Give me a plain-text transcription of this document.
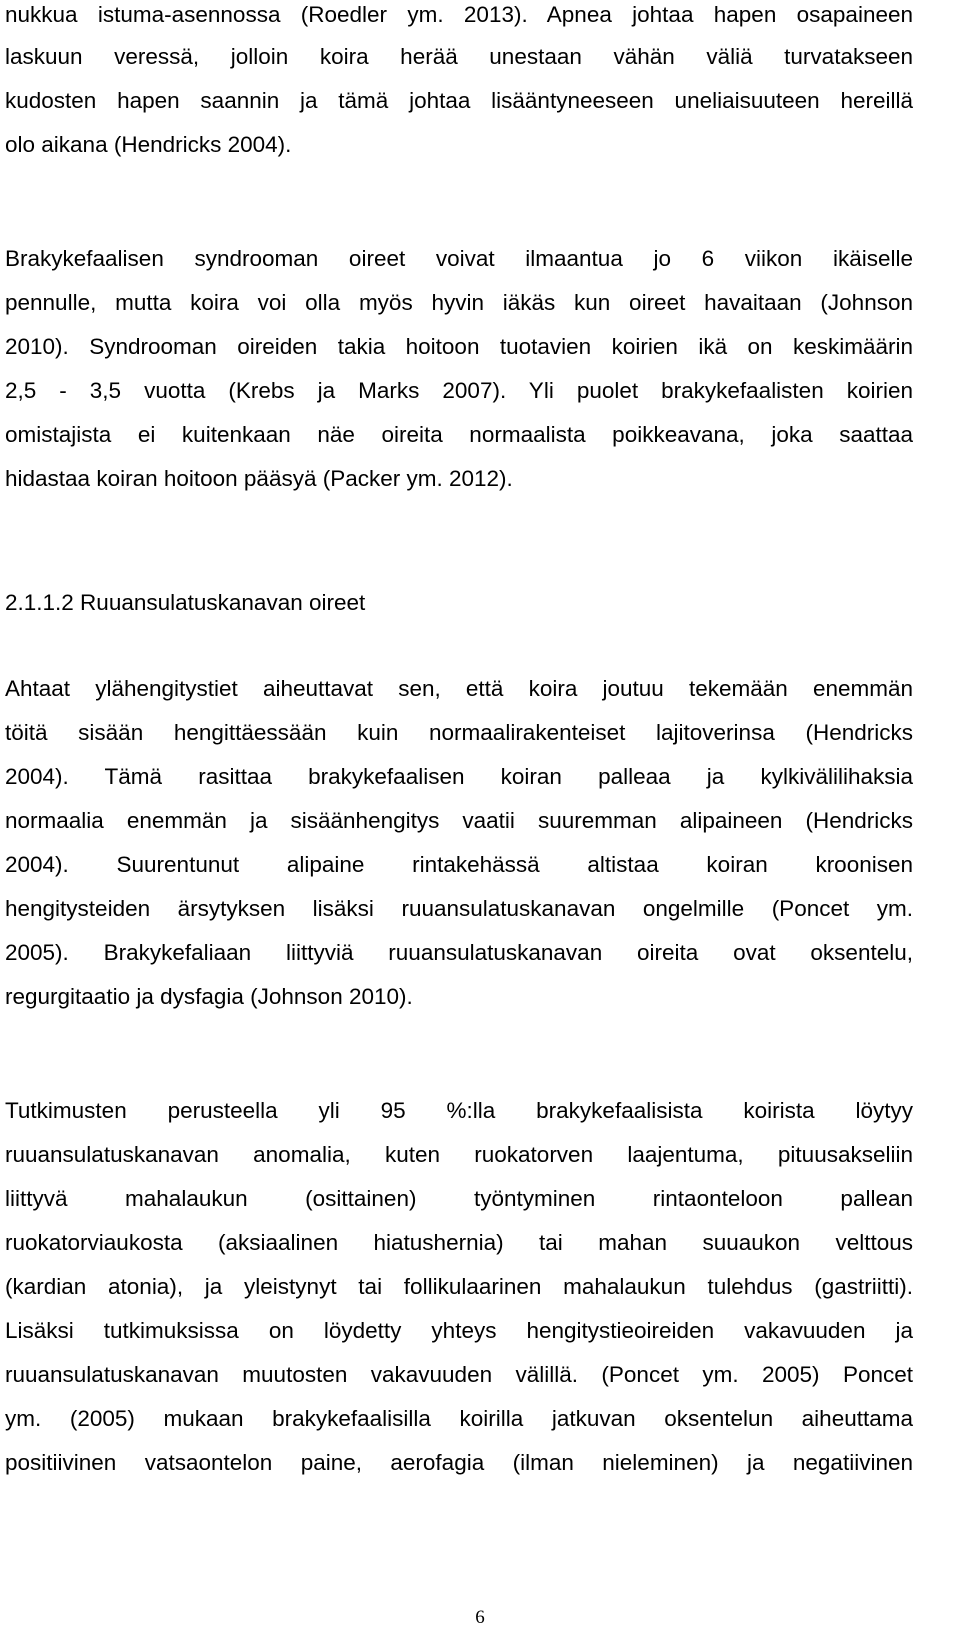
nukkua istuma-asennossa (Roedler ym. 2013). Apnea johtaa hapen osapaineen
laskuun veressä, jolloin koira herää unestaan vähän väliä turvatakseen
kudosten hapen saannin ja tämä johtaa lisääntyneeseen uneliaisuuteen hereillä
olo aikana (Hendricks 2004).
Brakykefaalisen syndrooman oireet voivat ilmaantua jo 6 viikon ikäiselle
pennulle, mutta koira voi olla myös hyvin iäkäs kun oireet havaitaan (Johnson
2010). Syndrooman oireiden takia hoitoon tuotavien koirien ikä on keskimäärin
2,5 - 3,5 vuotta (Krebs ja Marks 2007). Yli puolet brakykefaalisten koirien
omistajista ei kuitenkaan näe oireita normaalista poikkeavana, joka saattaa
hidastaa koiran hoitoon pääsyä (Packer ym. 2012).
2.1.1.2 Ruuansulatuskanavan oireet
Ahtaat ylähengitystiet aiheuttavat sen, että koira joutuu tekemään enemmän
töitä sisään hengittäessään kuin normaalirakenteiset lajitoverinsa (Hendricks
2004). Tämä rasittaa brakykefaalisen koiran palleaa ja kylkivälilihaksia
normaalia enemmän ja sisäänhengitys vaatii suuremman alipaineen (Hendricks
2004). Suurentunut alipaine rintakehässä altistaa koiran kroonisen
hengitysteiden ärsytyksen lisäksi ruuansulatuskanavan ongelmille (Poncet ym.
2005). Brakykefaliaan liittyviä ruuansulatuskanavan oireita ovat oksentelu,
regurgitaatio ja dysfagia (Johnson 2010).
Tutkimusten perusteella yli 95 %:lla brakykefaalisista koirista löytyy
ruuansulatuskanavan anomalia, kuten ruokatorven laajentuma, pituusakseliin
liittyvä mahalaukun (osittainen) työntyminen rintaonteloon pallean
ruokatorviaukosta (aksiaalinen hiatushernia) tai mahan suuaukon velttous
(kardian atonia), ja yleistynyt tai follikulaarinen mahalaukun tulehdus (gastriitti).
Lisäksi tutkimuksissa on löydetty yhteys hengitystieoireiden vakavuuden ja
ruuansulatuskanavan muutosten vakavuuden välillä. (Poncet ym. 2005) Poncet
ym. (2005) mukaan brakykefaalisilla koirilla jatkuvan oksentelun aiheuttama
positiivinen vatsaontelon paine, aerofagia (ilman nieleminen) ja negatiivinen
6
